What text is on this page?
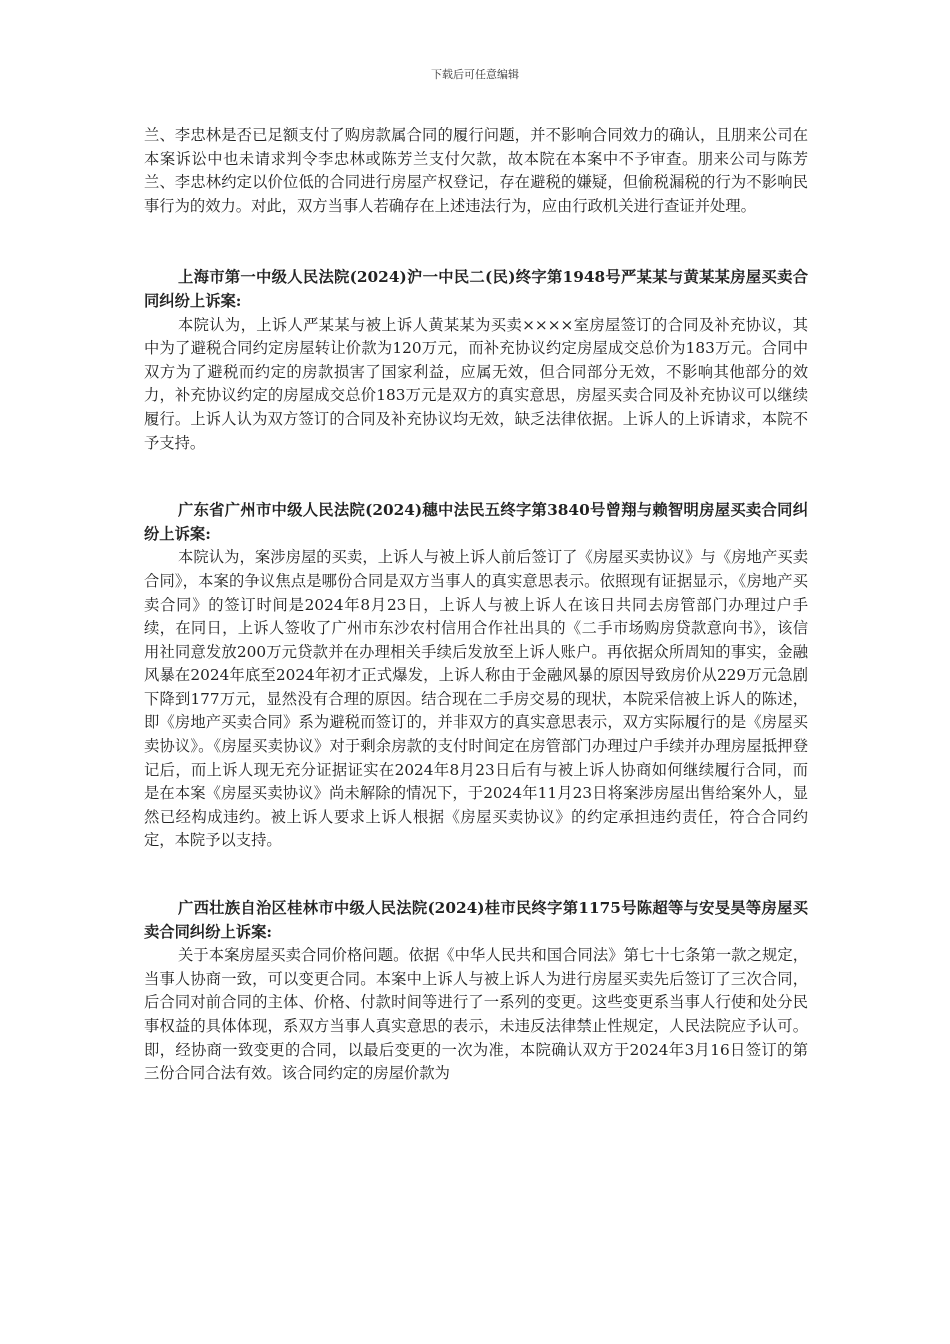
下载后可任意编辑

兰、李忠林是否已足额支付了购房款属合同的履行问题，并不影响合同效力的确认，且朋来公司在本案诉讼中也未请求判令李忠林或陈芳兰支付欠款，故本院在本案中不予审查。朋来公司与陈芳兰、李忠林约定以价位低的合同进行房屋产权登记，存在避税的嫌疑，但偷税漏税的行为不影响民事行为的效力。对此，双方当事人若确存在上述违法行为，应由行政机关进行查证并处理。

上海市第一中级人民法院(2024)沪一中民二(民)终字第1948号严某某与黄某某房屋买卖合同纠纷上诉案:

本院认为，上诉人严某某与被上诉人黄某某为买卖××××室房屋签订的合同及补充协议，其中为了避税合同约定房屋转让价款为120万元，而补充协议约定房屋成交总价为183万元。合同中双方为了避税而约定的房款损害了国家利益，应属无效，但合同部分无效，不影响其他部分的效力，补充协议约定的房屋成交总价183万元是双方的真实意思，房屋买卖合同及补充协议可以继续履行。上诉人认为双方签订的合同及补充协议均无效，缺乏法律依据。上诉人的上诉请求，本院不予支持。

广东省广州市中级人民法院(2024)穗中法民五终字第3840号曾翔与赖智明房屋买卖合同纠纷上诉案:

本院认为，案涉房屋的买卖，上诉人与被上诉人前后签订了《房屋买卖协议》与《房地产买卖合同》，本案的争议焦点是哪份合同是双方当事人的真实意思表示。依照现有证据显示，《房地产买卖合同》的签订时间是2024年8月23日，上诉人与被上诉人在该日共同去房管部门办理过户手续，在同日，上诉人签收了广州市东沙农村信用合作社出具的《二手市场购房贷款意向书》，该信用社同意发放200万元贷款并在办理相关手续后发放至上诉人账户。再依据众所周知的事实，金融风暴在2024年底至2024年初才正式爆发，上诉人称由于金融风暴的原因导致房价从229万元急剧下降到177万元，显然没有合理的原因。结合现在二手房交易的现状，本院采信被上诉人的陈述，即《房地产买卖合同》系为避税而签订的，并非双方的真实意思表示，双方实际履行的是《房屋买卖协议》。《房屋买卖协议》对于剩余房款的支付时间定在房管部门办理过户手续并办理房屋抵押登记后，而上诉人现无充分证据证实在2024年8月23日后有与被上诉人协商如何继续履行合同，而是在本案《房屋买卖协议》尚未解除的情况下，于2024年11月23日将案涉房屋出售给案外人，显然已经构成违约。被上诉人要求上诉人根据《房屋买卖协议》的约定承担违约责任，符合合同约定，本院予以支持。

广西壮族自治区桂林市中级人民法院(2024)桂市民终字第1175号陈超等与安旻昊等房屋买卖合同纠纷上诉案:

关于本案房屋买卖合同价格问题。依据《中华人民共和国合同法》第七十七条第一款之规定，当事人协商一致，可以变更合同。本案中上诉人与被上诉人为进行房屋买卖先后签订了三次合同，后合同对前合同的主体、价格、付款时间等进行了一系列的变更。这些变更系当事人行使和处分民事权益的具体体现，系双方当事人真实意思的表示，未违反法律禁止性规定，人民法院应予认可。即，经协商一致变更的合同，以最后变更的一次为准，本院确认双方于2024年3月16日签订的第三份合同合法有效。该合同约定的房屋价款为
